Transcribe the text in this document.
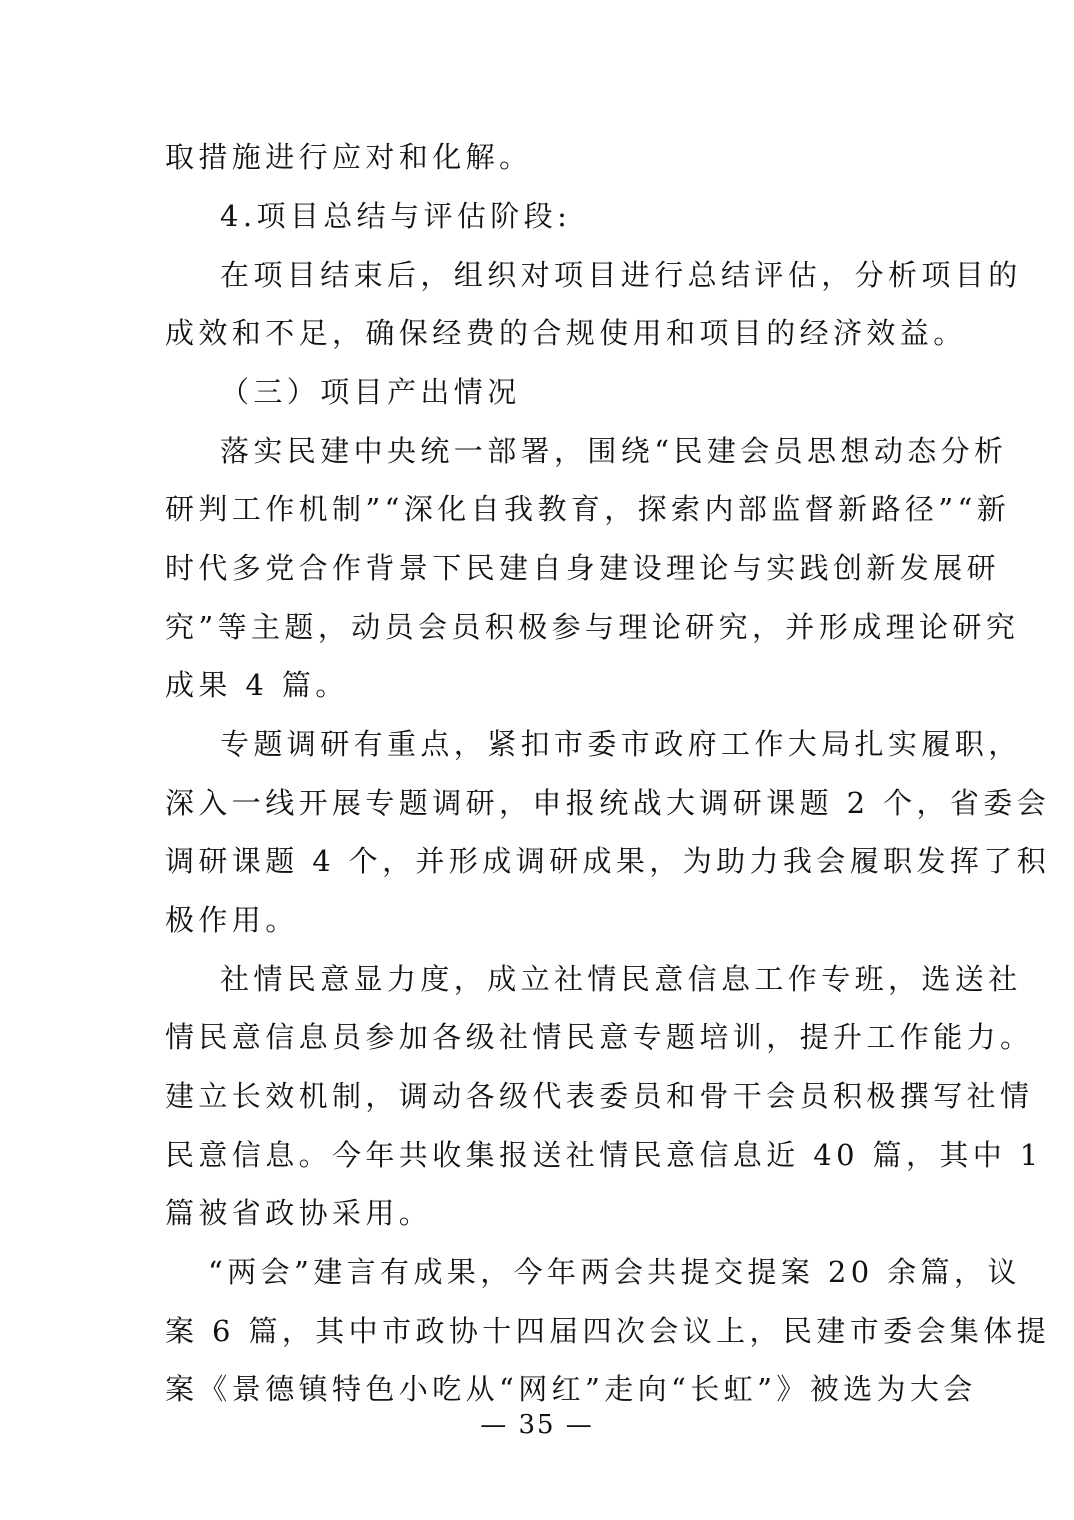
取措施进行应对和化解。
4.项目总结与评估阶段:
在项目结束后，组织对项目进行总结评估，分析项目的
成效和不足，确保经费的合规使用和项目的经济效益。
（三）项目产出情况
落实民建中央统一部署，围绕“民建会员思想动态分析
研判工作机制”“深化自我教育，探索内部监督新路径”“新
时代多党合作背景下民建自身建设理论与实践创新发展研
究”等主题，动员会员积极参与理论研究，并形成理论研究
成果 4 篇。
专题调研有重点，紧扣市委市政府工作大局扎实履职，
深入一线开展专题调研，申报统战大调研课题 2 个，省委会
调研课题 4 个，并形成调研成果，为助力我会履职发挥了积
极作用。
社情民意显力度，成立社情民意信息工作专班，选送社
情民意信息员参加各级社情民意专题培训，提升工作能力。
建立长效机制，调动各级代表委员和骨干会员积极撰写社情
民意信息。今年共收集报送社情民意信息近 40 篇，其中 1
篇被省政协采用。
“两会”建言有成果，今年两会共提交提案 20 余篇，议
案 6 篇，其中市政协十四届四次会议上，民建市委会集体提
案《景德镇特色小吃从“网红”走向“长虹”》被选为大会
— 35 —
